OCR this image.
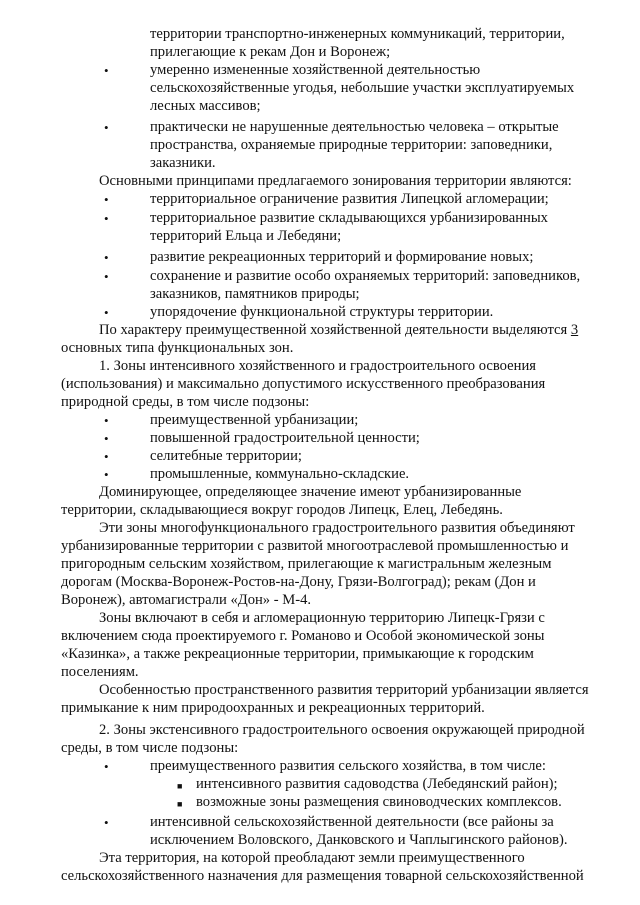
территории транспортно-инженерных коммуникаций, территории,
прилегающие к рекам Дон и Воронеж;
•	умеренно измененные хозяйственной деятельностью
сельскохозяйственные угодья, небольшие участки эксплуатируемых
лесных массивов;
•	практически не нарушенные деятельностью человека – открытые
пространства, охраняемые природные территории: заповедники,
заказники.
Основными принципами предлагаемого зонирования территории являются:
•	территориальное ограничение развития Липецкой агломерации;
•	территориальное развитие складывающихся урбанизированных
территорий Ельца и Лебедяни;
•	развитие рекреационных территорий и формирование новых;
•	сохранение и развитие особо охраняемых территорий: заповедников,
заказников, памятников природы;
•	упорядочение функциональной структуры территории.
По характеру преимущественной хозяйственной деятельности выделяются 3
основных типа функциональных зон.
1. Зоны интенсивного хозяйственного и градостроительного освоения
(использования) и максимально допустимого искусственного преобразования
природной среды, в том числе подзоны:
•	преимущественной урбанизации;
•	повышенной градостроительной ценности;
•	селитебные территории;
•	промышленные, коммунально-складские.
Доминирующее, определяющее значение имеют урбанизированные
территории, складывающиеся вокруг городов Липецк, Елец, Лебедянь.
Эти зоны многофункционального градостроительного развития объединяют
урбанизированные территории с развитой многоотраслевой промышленностью и
пригородным сельским хозяйством, прилегающие к магистральным железным
дорогам (Москва-Воронеж-Ростов-на-Дону, Грязи-Волгоград); рекам (Дон и
Воронеж), автомагистрали «Дон» - М-4.
Зоны включают в себя и агломерационную территорию Липецк-Грязи с
включением сюда проектируемого г. Романово и Особой экономической зоны
«Казинка», а также рекреационные территории, примыкающие к городским
поселениям.
Особенностью пространственного развития территорий урбанизации является
примыкание к ним природоохранных и рекреационных территорий.
2. Зоны экстенсивного градостроительного освоения окружающей природной
среды, в том числе подзоны:
•	преимущественного развития сельского хозяйства, в том числе:
■ интенсивного развития садоводства (Лебедянский район);
■ возможные зоны размещения свиноводческих комплексов.
•	интенсивной сельскохозяйственной деятельности (все районы за
исключением Воловского, Данковского и Чаплыгинского районов).
Эта территория, на которой преобладают земли преимущественного
сельскохозяйственного назначения для размещения товарной сельскохозяйственной
